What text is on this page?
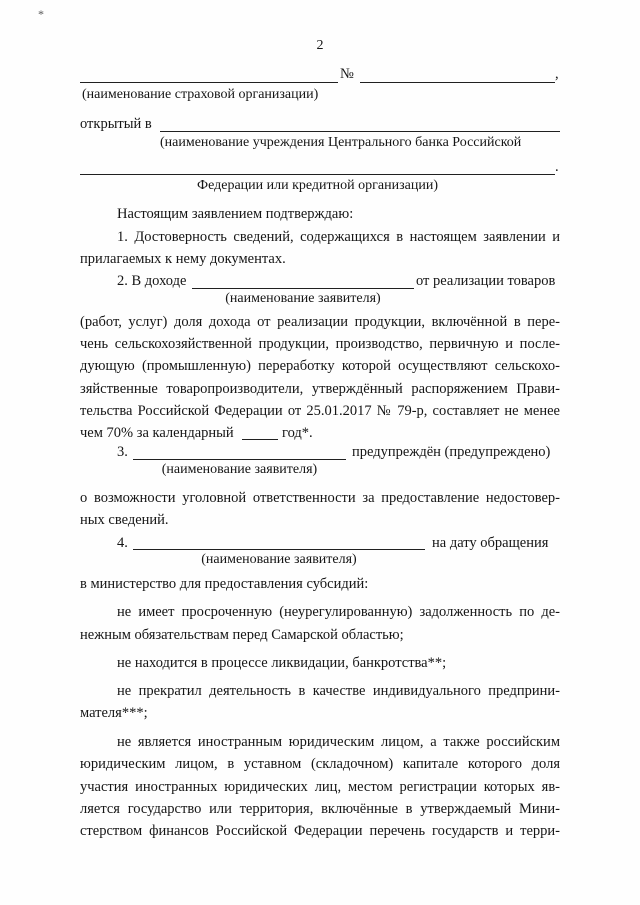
*
2
№	,
(наименование страховой организации)
открытый в
(наименование учреждения Центрального банка Российской
.
Федерации или кредитной организации)
Настоящим заявлением подтверждаю:
1. Достоверность сведений, содержащихся в настоящем заявлении и
прилагаемых к нему документах.
2. В доходе	от реализации товаров
(наименование заявителя)
(работ, услуг) доля дохода от реализации продукции, включённой в пере-
чень сельскохозяйственной продукции, производство, первичную и после-
дующую (промышленную) переработку которой осуществляют сельскохо-
зяйственные товаропроизводители, утверждённый распоряжением Прави-
тельства Российской Федерации от 25.01.2017 № 79-р, составляет не менее
чем 70% за календарный	год*.
3.	предупреждён (предупреждено)
(наименование заявителя)
о возможности уголовной ответственности за предоставление недостовер-
ных сведений.
4.	на дату обращения
(наименование заявителя)
в министерство для предоставления субсидий:
не имеет просроченную (неурегулированную) задолженность по де-
нежным обязательствам перед Самарской областью;
не находится в процессе ликвидации, банкротства**;
не прекратил деятельность в качестве индивидуального предприни-
мателя***;
не является иностранным юридическим лицом, а также российским
юридическим лицом, в уставном (складочном) капитале которого доля
участия иностранных юридических лиц, местом регистрации которых яв-
ляется государство или территория, включённые в утверждаемый Мини-
стерством финансов Российской Федерации перечень государств и терри-
